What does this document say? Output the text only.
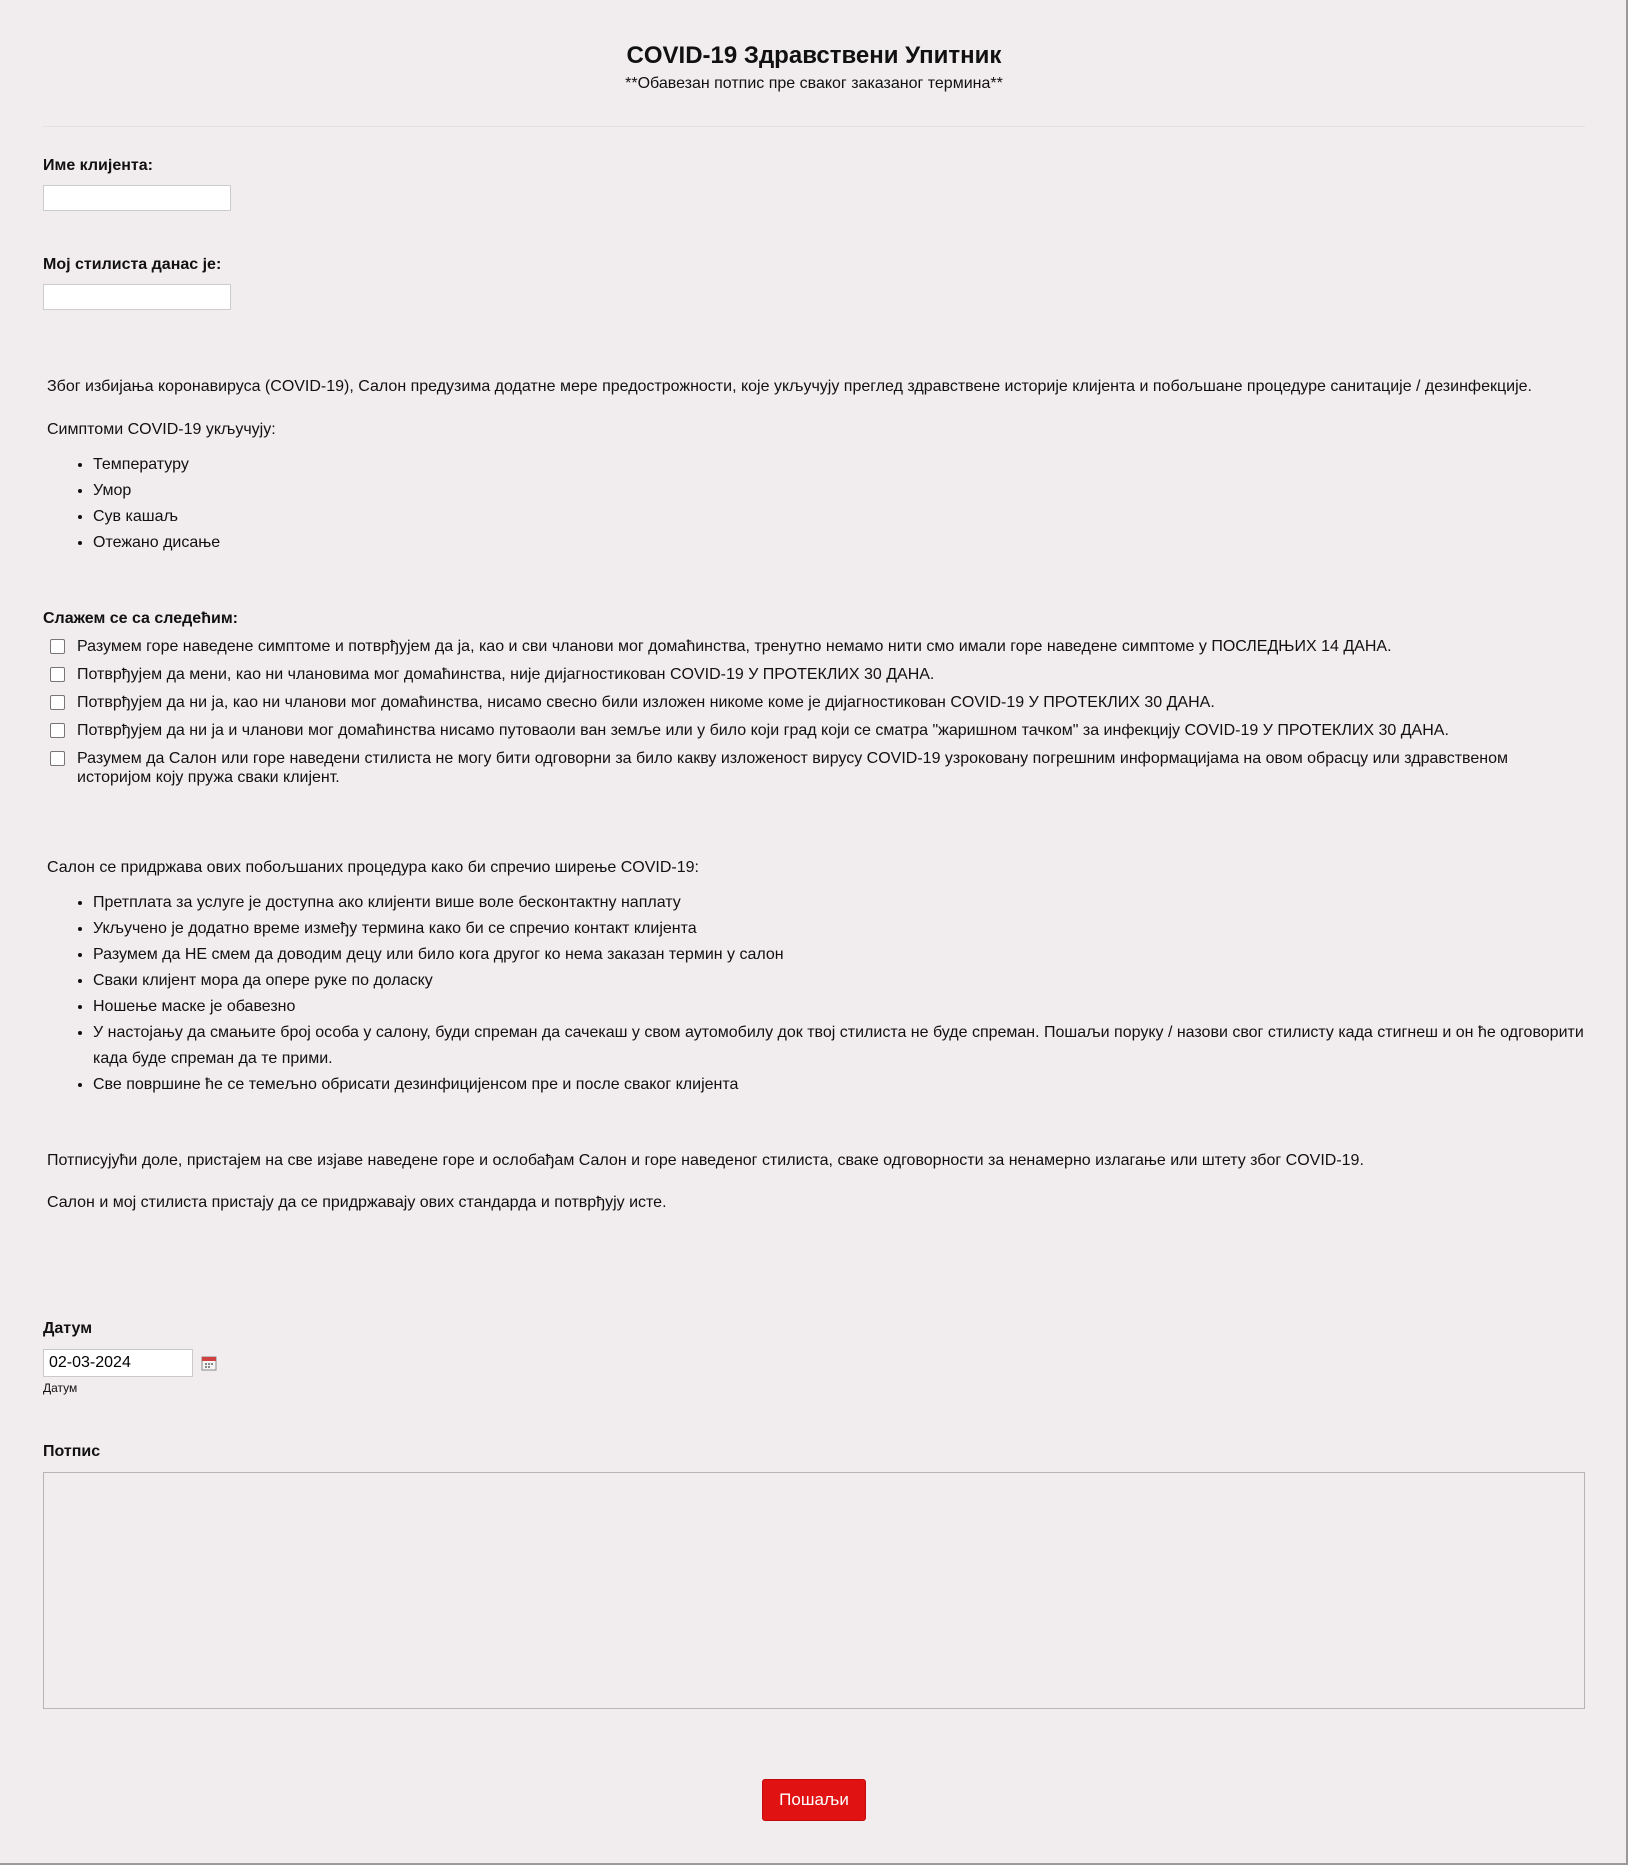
COVID-19 Здравствени Упитник
**Обавезан потпис пре сваког заказаног термина**
Име клијента:
Мој стилиста данас је:

Због избијања коронавируса (COVID-19), Салон предузима додатне мере предострожности, које укључују преглед здравствене историје клијента и побољшане процедуре санитације / дезинфекције.

Симптоми COVID-19 укључују:

• Температуру
• Умор
• Сув кашаљ
• Отежано дисање
Слажем се са следећим:
Разумем горе наведене симптоме и потврђујем да ја, као и сви чланови мог домаћинства, тренутно немамо нити смо имали горе наведене симптоме у ПОСЛЕДЊИХ 14 ДАНА.
Потврђујем да мени, као ни члановима мог домаћинства, није дијагностикован COVID-19 У ПРОТЕКЛИХ 30 ДАНА.
Потврђујем да ни ја, као ни чланови мог домаћинства, нисамо свесно били изложен никоме коме је дијагностикован COVID-19 У ПРОТЕКЛИХ 30 ДАНА.
Потврђујем да ни ја и чланови мог домаћинства нисамо путоваоли ван земље или у било који град који се сматра "жаришном тачком" за инфекцију COVID-19 У ПРОТЕКЛИХ 30 ДАНА.
Разумем да Салон или горе наведени стилиста не могу бити одговорни за било какву изложеност вирусу COVID-19 узроковану погрешним информацијама на овом обрасцу или здравственом историјом коју пружа сваки клијент.

Салон се придржава ових побољшаних процедура како би спречио ширење COVID-19:

• Претплата за услуге је доступна ако клијенти више воле бесконтактну наплату
• Укључено је додатно време између термина како би се спречио контакт клијента
• Разумем да НЕ смем да доводим децу или било кога другог ко нема заказан термин у салон
• Сваки клијент мора да опере руке по доласку
• Ношење маске је обавезно
• У настојању да смањите број особа у салону, буди спреман да сачекаш у свом аутомобилу док твој стилиста не буде спреман. Пошаљи поруку / назови свог стилисту када стигнеш и он ће одговорити када буде спреман да те прими.
• Све површине ће се темељно обрисати дезинфицијенсом пре и после сваког клијента

Потписујући доле, пристајем на све изјаве наведене горе и ослобађам Салон и горе наведеног стилиста, сваке одговорности за ненамерно излагање или штету због COVID-19.

Салон и мој стилиста пристају да се придржавају ових стандарда и потврђују исте.

Датум
02-03-2024
Датум
Потпис
Пошаљи
